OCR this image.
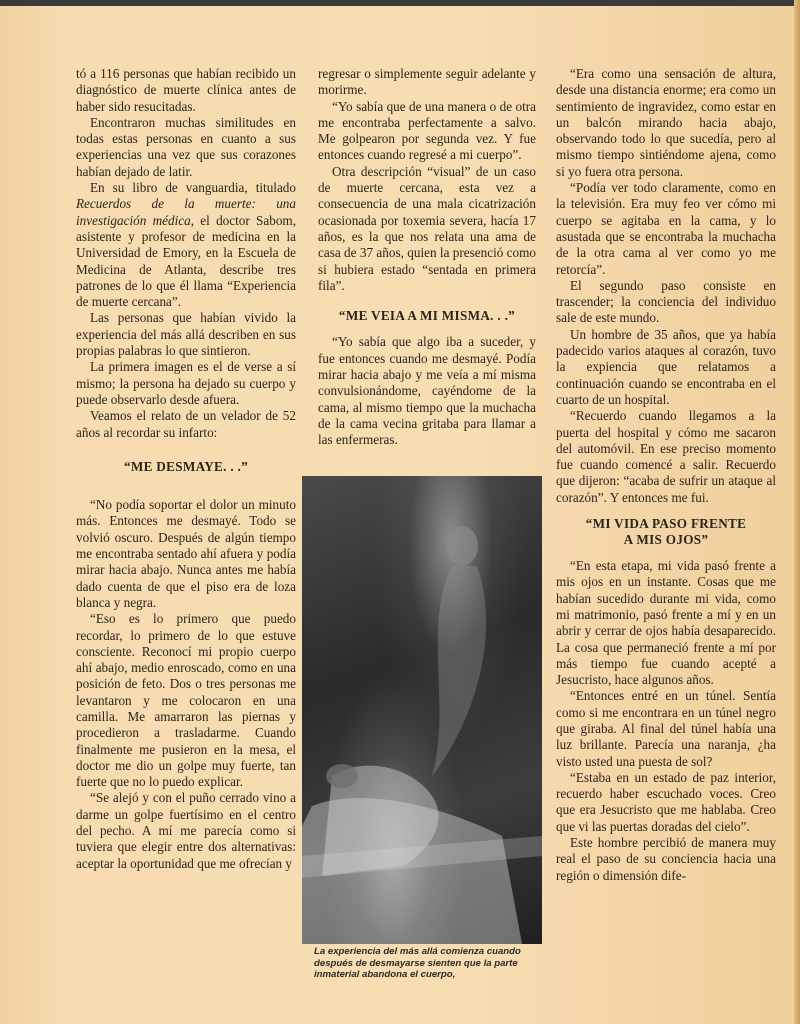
tó a 116 personas que habían recibido un diagnóstico de muerte clínica antes de haber sido resucitadas.

Encontraron muchas similitudes en todas estas personas en cuanto a sus experiencias una vez que sus corazones habían dejado de latir.

En su libro de vanguardia, titulado Recuerdos de la muerte: una investigación médica, el doctor Sabom, asistente y profesor de medicina en la Universidad de Emory, en la Escuela de Medicina de Atlanta, describe tres patrones de lo que él llama “Experiencia de muerte cercana”.

Las personas que habían vivido la experiencia del más allá describen en sus propias palabras lo que sintieron.

La primera imagen es el de verse a sí mismo; la persona ha dejado su cuerpo y puede observarlo desde afuera.

Veamos el relato de un velador de 52 años al recordar su infarto:

“ME DESMAYE. . .”

“No podía soportar el dolor un minuto más. Entonces me desmayé. Todo se volvió oscuro. Después de algún tiempo me encontraba sentado ahí afuera y podía mirar hacia abajo. Nunca antes me había dado cuenta de que el piso era de loza blanca y negra.

“Eso es lo primero que puedo recordar, lo primero de lo que estuve consciente. Reconocí mi propio cuerpo ahí abajo, medio enroscado, como en una posición de feto. Dos o tres personas me levantaron y me colocaron en una camilla. Me amarraron las piernas y procedieron a trasladarme. Cuando finalmente me pusieron en la mesa, el doctor me dio un golpe muy fuerte, tan fuerte que no lo puedo explicar.

“Se alejó y con el puño cerrado vino a darme un golpe fuertísimo en el centro del pecho. A mí me parecía como si tuviera que elegir entre dos alternativas: aceptar la oportunidad que me ofrecían y

regresar o simplemente seguir adelante y morirme.

“Yo sabía que de una manera o de otra me encontraba perfectamente a salvo. Me golpearon por segunda vez. Y fue entonces cuando regresé a mi cuerpo”.

Otra descripción “visual” de un caso de muerte cercana, esta vez a consecuencia de una mala cicatrización ocasionada por toxemia severa, hacía 17 años, es la que nos relata una ama de casa de 37 años, quien la presenció como si hubiera estado “sentada en primera fila”.

“ME VEIA A MI MISMA. . .”

“Yo sabía que algo iba a suceder, y fue entonces cuando me desmayé. Podía mirar hacia abajo y me veía a mí misma convulsionándome, cayéndome de la cama, al mismo tiempo que la muchacha de la cama vecina gritaba para llamar a las enfermeras.

La experiencia del más allá comienza cuando después de desmayarse sienten que la parte inmaterial abandona el cuerpo,

“Era como una sensación de altura, desde una distancia enorme; era como un sentimiento de ingravidez, como estar en un balcón mirando hacia abajo, observando todo lo que sucedía, pero al mismo tiempo sintiéndome ajena, como si yo fuera otra persona.

“Podía ver todo claramente, como en la televisión. Era muy feo ver cómo mi cuerpo se agitaba en la cama, y lo asustada que se encontraba la muchacha de la otra cama al ver como yo me retorcía”.

El segundo paso consiste en trascender; la conciencia del individuo sale de este mundo.

Un hombre de 35 años, que ya había padecido varios ataques al corazón, tuvo la expiencia que relatamos a continuación cuando se encontraba en el cuarto de un hospital.

“Recuerdo cuando llegamos a la puerta del hospital y cómo me sacaron del automóvil. En ese preciso momento fue cuando comencé a salir. Recuerdo que dijeron: “acaba de sufrir un ataque al corazón”. Y entonces me fui.

“MI VIDA PASO FRENTE
A MIS OJOS”

“En esta etapa, mi vida pasó frente a mis ojos en un instante. Cosas que me habían sucedido durante mi vida, como mi matrimonio, pasó frente a mí y en un abrir y cerrar de ojos había desaparecido. La cosa que permaneció frente a mí por más tiempo fue cuando acepté a Jesucristo, hace algunos años.

“Entonces entré en un túnel. Sentía como si me encontrara en un túnel negro que giraba. Al final del túnel había una luz brillante. Parecía una naranja, ¿ha visto usted una puesta de sol?

“Estaba en un estado de paz interior, recuerdo haber escuchado voces. Creo que era Jesucristo que me hablaba. Creo que vi las puertas doradas del cielo”.

Este hombre percibió de manera muy real el paso de su conciencia hacia una región o dimensión dife-
